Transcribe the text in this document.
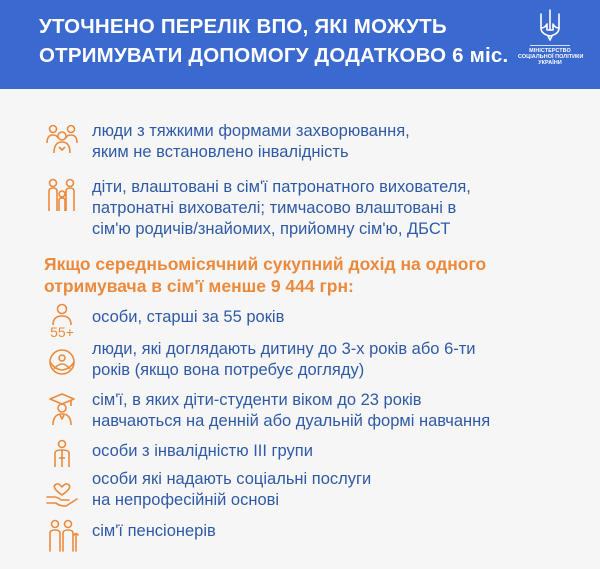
УТОЧНЕНО ПЕРЕЛІК ВПО, ЯКІ МОЖУТЬ
ОТРИМУВАТИ ДОПОМОГУ ДОДАТКОВО 6 міс.	МІНІСТЕРСТВО
СОЦІАЛЬНОЇ ПОЛІТИКИ
УКРАЇНИ
люди з тяжкими формами захворювання,
яким не встановлено інвалідність
діти, влаштовані в сім'ї патронатного вихователя,
патронатні вихователі; тимчасово влаштовані в
сім'ю родичів/знайомих, прийомну сім'ю, ДБСТ
Якщо середньомісячний сукупний дохід на одного
отримувача в сім'ї менше 9 444 грн:
55+
особи, старші за 55 років
люди, які доглядають дитину до 3-х років або 6-ти
років (якщо вона потребує догляду)
сім'ї, в яких діти-студенти віком до 23 років
навчаються на денній або дуальній формі навчання
особи з інвалідністю ІІІ групи
особи які надають соціальні послуги
на непрофесійній основі
сім'ї пенсіонерів
